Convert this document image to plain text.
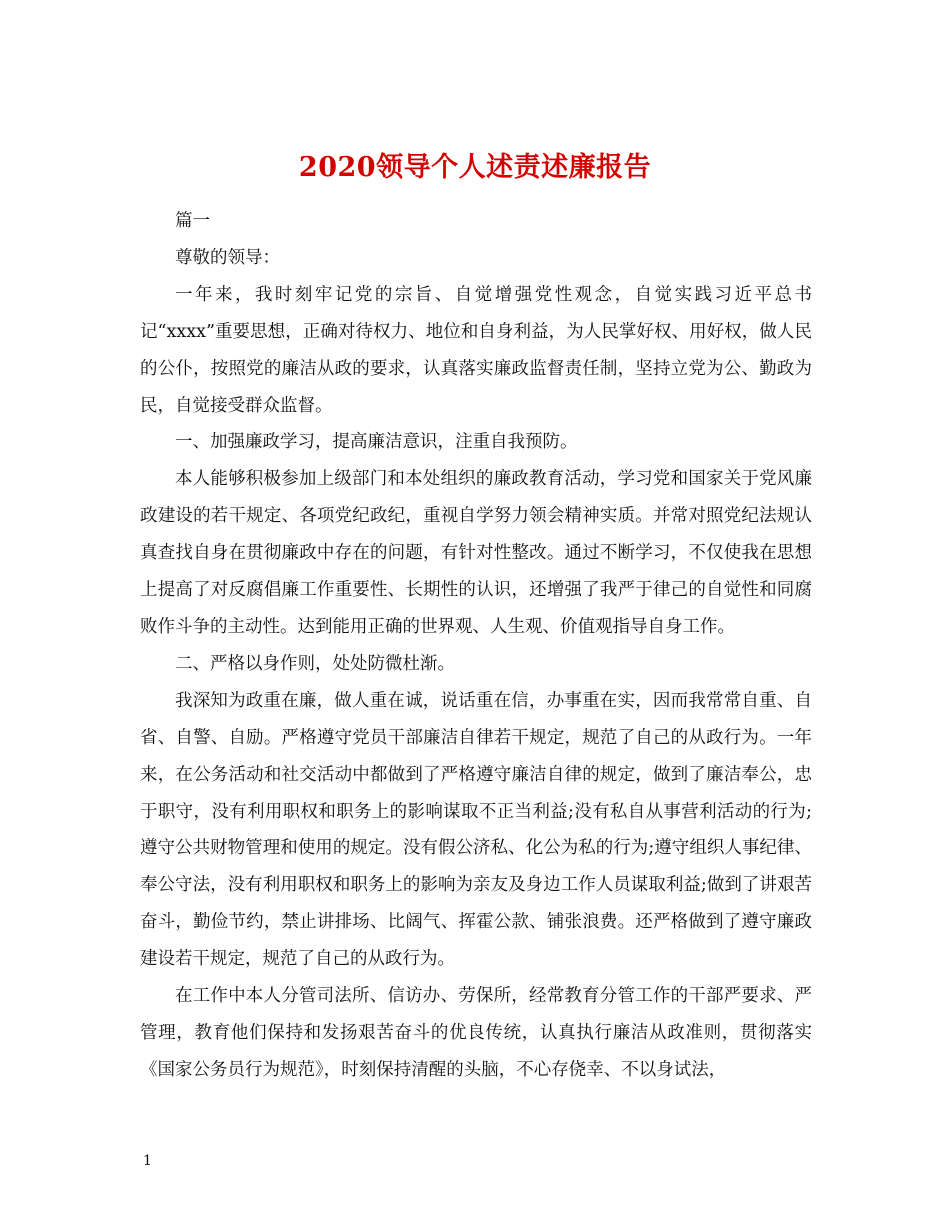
2020领导个人述责述廉报告

篇一

尊敬的领导：

一年来，我时刻牢记党的宗旨、自觉增强党性观念，自觉实践习近平总书记“xxxx”重要思想，正确对待权力、地位和自身利益，为人民掌好权、用好权，做人民的公仆，按照党的廉洁从政的要求，认真落实廉政监督责任制，坚持立党为公、勤政为民，自觉接受群众监督。

一、加强廉政学习，提高廉洁意识，注重自我预防。

本人能够积极参加上级部门和本处组织的廉政教育活动，学习党和国家关于党风廉政建设的若干规定、各项党纪政纪，重视自学努力领会精神实质。并常对照党纪法规认真查找自身在贯彻廉政中存在的问题，有针对性整改。通过不断学习，不仅使我在思想上提高了对反腐倡廉工作重要性、长期性的认识，还增强了我严于律己的自觉性和同腐败作斗争的主动性。达到能用正确的世界观、人生观、价值观指导自身工作。

二、严格以身作则，处处防微杜渐。

我深知为政重在廉，做人重在诚，说话重在信，办事重在实，因而我常常自重、自省、自警、自励。严格遵守党员干部廉洁自律若干规定，规范了自己的从政行为。一年来，在公务活动和社交活动中都做到了严格遵守廉洁自律的规定，做到了廉洁奉公，忠于职守，没有利用职权和职务上的影响谋取不正当利益;没有私自从事营利活动的行为;遵守公共财物管理和使用的规定。没有假公济私、化公为私的行为;遵守组织人事纪律、奉公守法，没有利用职权和职务上的影响为亲友及身边工作人员谋取利益;做到了讲艰苦奋斗，勤俭节约，禁止讲排场、比阔气、挥霍公款、铺张浪费。还严格做到了遵守廉政建设若干规定，规范了自己的从政行为。

在工作中本人分管司法所、信访办、劳保所，经常教育分管工作的干部严要求、严管理，教育他们保持和发扬艰苦奋斗的优良传统，认真执行廉洁从政准则，贯彻落实《国家公务员行为规范》，时刻保持清醒的头脑，不心存侥幸、不以身试法，

1
